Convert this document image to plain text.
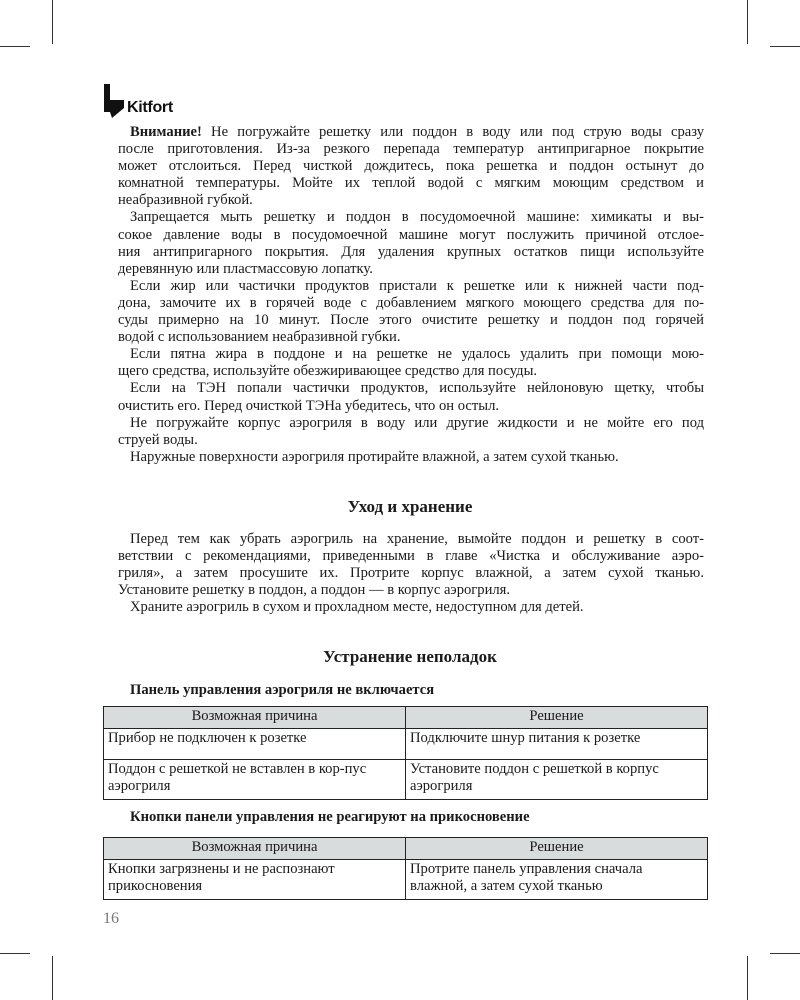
Kitfort
Внимание! Не погружайте решетку или поддон в воду или под струю воды сразу
после приготовления. Из-за резкого перепада температур антипригарное покрытие
может отслоиться. Перед чисткой дождитесь, пока решетка и поддон остынут до
комнатной температуры. Мойте их теплой водой с мягким моющим средством и
неабразивной губкой.
Запрещается мыть решетку и поддон в посудомоечной машине: химикаты и вы-
сокое давление воды в посудомоечной машине могут послужить причиной отслое-
ния антипригарного покрытия. Для удаления крупных остатков пищи используйте
деревянную или пластмассовую лопатку.
Если жир или частички продуктов пристали к решетке или к нижней части под-
дона, замочите их в горячей воде с добавлением мягкого моющего средства для по-
суды примерно на 10 минут. После этого очистите решетку и поддон под горячей
водой с использованием неабразивной губки.
Если пятна жира в поддоне и на решетке не удалось удалить при помощи мою-
щего средства, используйте обезжиривающее средство для посуды.
Если на ТЭН попали частички продуктов, используйте нейлоновую щетку, чтобы
очистить его. Перед очисткой ТЭНа убедитесь, что он остыл.
Не погружайте корпус аэрогриля в воду или другие жидкости и не мойте его под
струей воды.
Наружные поверхности аэрогриля протирайте влажной, а затем сухой тканью.
Уход и хранение
Перед тем как убрать аэрогриль на хранение, вымойте поддон и решетку в соот-
ветствии с рекомендациями, приведенными в главе «Чистка и обслуживание аэро-
гриля», а затем просушите их. Протрите корпус влажной, а затем сухой тканью.
Установите решетку в поддон, а поддон — в корпус аэрогриля.
Храните аэрогриль в сухом и прохладном месте, недоступном для детей.
Устранение неполадок
Панель управления аэрогриля не включается
Возможная причина	Решение
Прибор не подключен к розетке	Подключите шнур питания к розетке
Поддон с решеткой не вставлен в кор-пус аэрогриля	Установите поддон с решеткой в корпус аэрогриля
Кнопки панели управления не реагируют на прикосновение
Возможная причина	Решение
Кнопки загрязнены и не распознают прикосновения	Протрите панель управления сначала влажной, а затем сухой тканью
16
